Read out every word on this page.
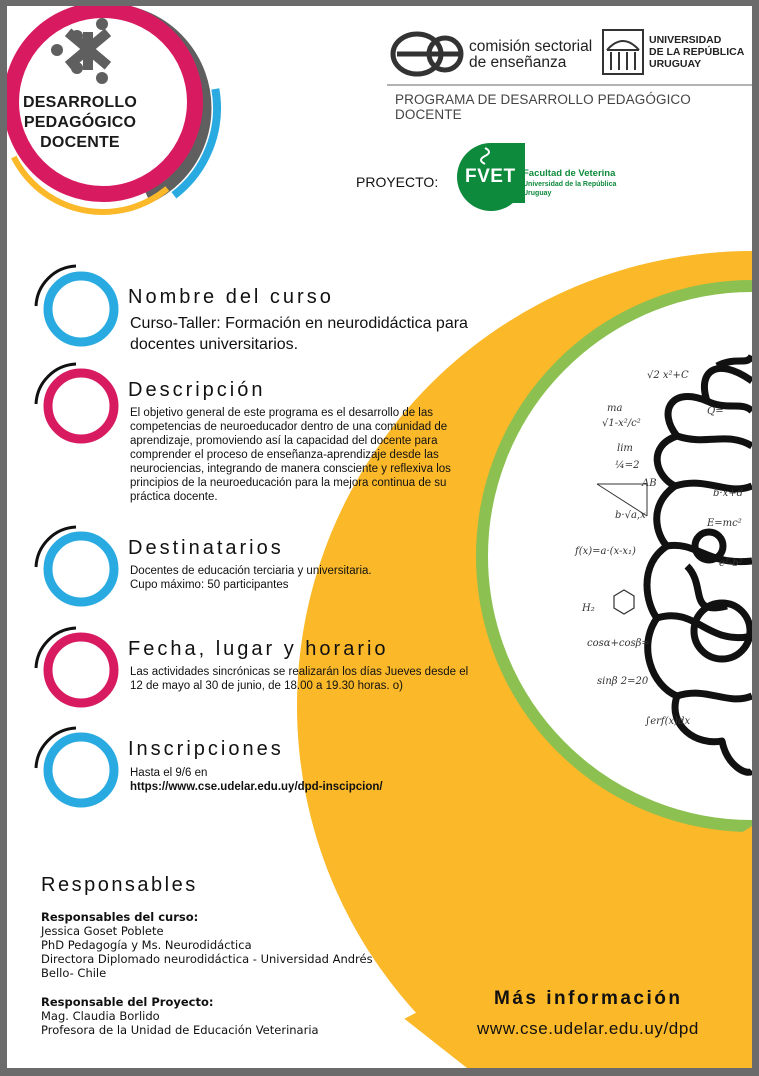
√2 x²+C
ma
√1-x²/c²
lim
¼=2
AB
b·√a,x
f(x)=a·(x-x₁)
H₂
cosα+cosβ=
sinβ 2=20
∫erf(x)dx
Q=
E=mc²
b·x+d
e²-b²
DESARROLLO
PEDAGÓGICO
DOCENTE
comisión sectorial
de enseñanza
UNIVERSIDAD
DE LA REPÚBLICA
URUGUAY
PROGRAMA DE DESARROLLO PEDAGÓGICO DOCENTE
PROYECTO: FVET Facultad de Veterina
Universidad de la República
Uruguay
Nombre del curso
Curso-Taller: Formación en neurodidáctica para
docentes universitarios.
Descripción
El objetivo general de este programa es el desarrollo de las
competencias de neuroeducador dentro de una comunidad de
aprendizaje, promoviendo así la capacidad del docente para
comprender el proceso de enseñanza-aprendizaje desde las
neurociencias, integrando de manera consciente y reflexiva los
principios de la neuroeducación para la mejora continua de su
práctica docente.
Destinatarios
Docentes de educación terciaria y universitaria.
Cupo máximo: 50 participantes
Fecha, lugar y horario
Las actividades sincrónicas se realizarán los días Jueves desde el
12 de mayo al 30 de junio, de 18.00 a 19.30 horas. o)
Inscripciones
Hasta el 9/6 en
https://www.cse.udelar.edu.uy/dpd-inscipcion/
Responsables
Responsables del curso:
Jessica Goset Poblete
PhD Pedagogía y Ms. Neurodidáctica
Directora Diplomado neurodidáctica - Universidad Andrés
Bello- Chile
Responsable del Proyecto:
Mag. Claudia Borlido
Profesora de la Unidad de Educación Veterinaria
Más información
www.cse.udelar.edu.uy/dpd
